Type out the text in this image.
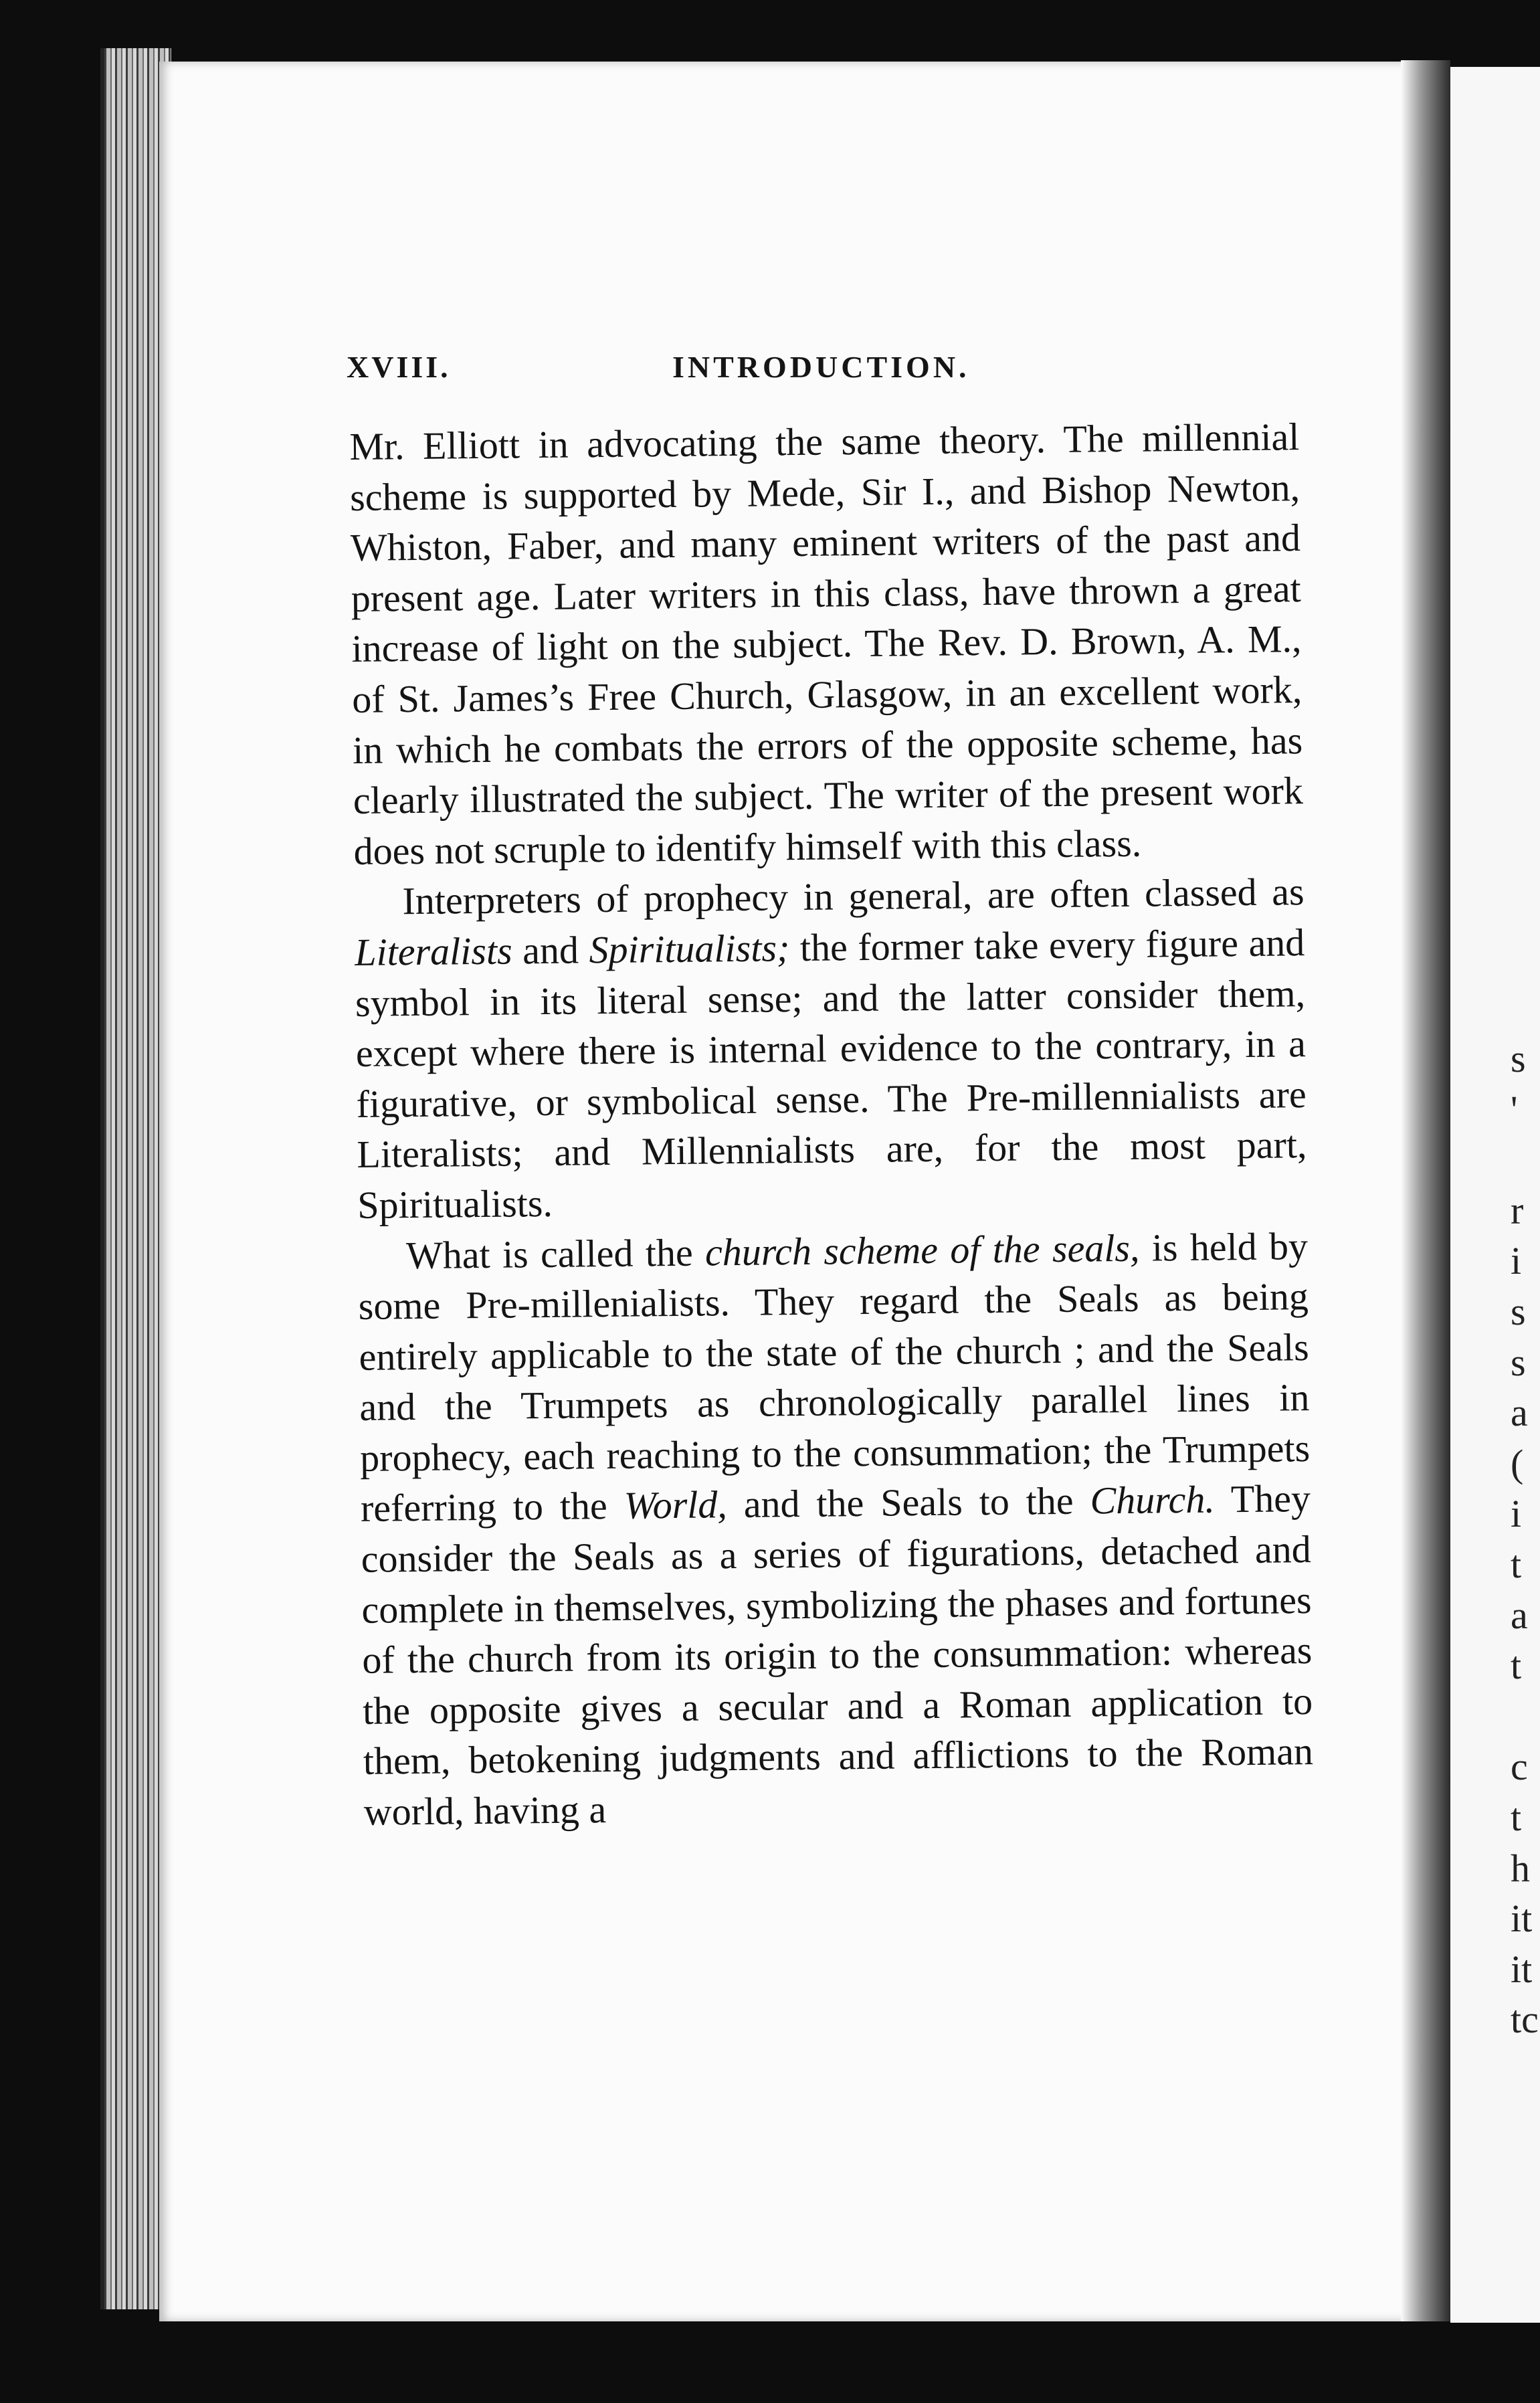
XVIII.	INTRODUCTION.

Mr. Elliott in advocating the same theory. The millennial scheme is supported by Mede, Sir I., and Bishop Newton, Whiston, Faber, and many eminent writers of the past and present age. Later writers in this class, have thrown a great increase of light on the subject. The Rev. D. Brown, A. M., of St. James’s Free Church, Glasgow, in an excellent work, in which he combats the errors of the opposite scheme, has clearly illustrated the subject. The writer of the present work does not scruple to identify himself with this class.

Interpreters of prophecy in general, are often classed as Literalists and Spiritualists; the former take every figure and symbol in its literal sense; and the latter consider them, except where there is internal evidence to the contrary, in a figurative, or symbolical sense. The Pre-millennialists are Literalists; and Millennialists are, for the most part, Spiritualists.

What is called the church scheme of the seals, is held by some Pre-millenialists. They regard the Seals as being entirely applicable to the state of the church ; and the Seals and the Trumpets as chronologically parallel lines in prophecy, each reaching to the consummation; the Trumpets referring to the World, and the Seals to the Church. They consider the Seals as a series of figurations, detached and complete in themselves, symbolizing the phases and fortunes of the church from its origin to the consummation: whereas the opposite gives a secular and a Roman application to them, betokening judgments and afflictions to the Roman world, having a

s
'

r
i
s
s
a
(
i
t
a
t

c
t
h
it
it
tc
